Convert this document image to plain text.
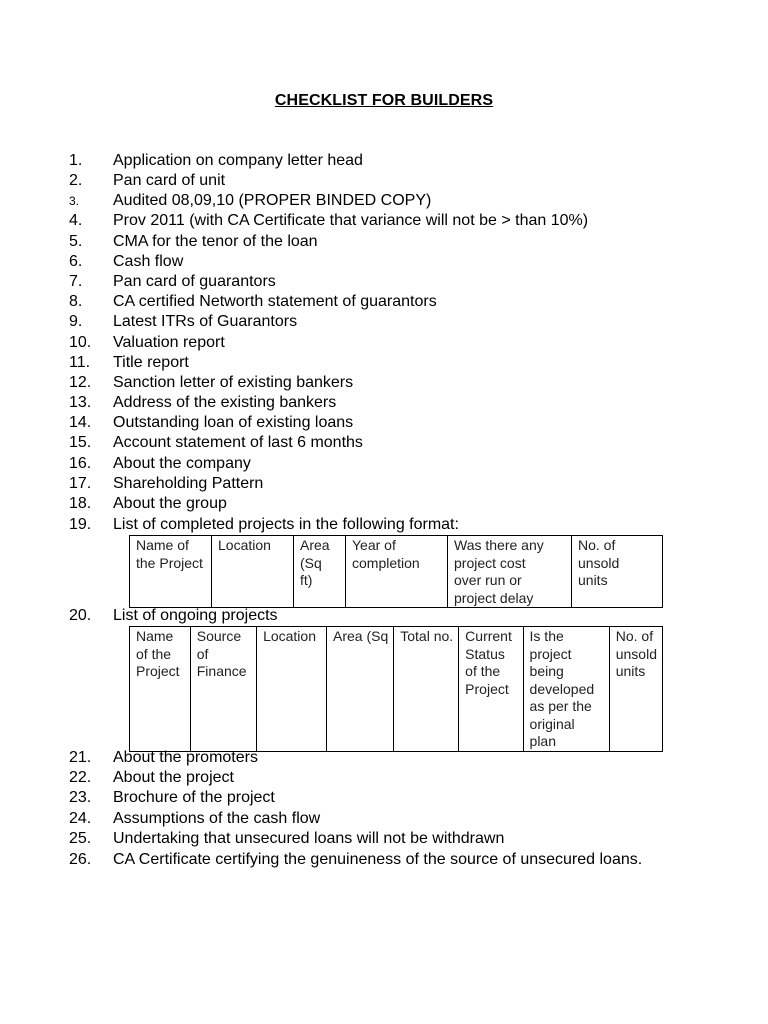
CHECKLIST FOR BUILDERS
1. Application on company letter head
2. Pan card of unit
3. Audited 08,09,10 (PROPER BINDED COPY)
4. Prov 2011 (with CA Certificate that variance will not be > than 10%)
5. CMA for the tenor of the loan
6. Cash flow
7. Pan card of guarantors
8. CA certified Networth statement of guarantors
9. Latest ITRs of Guarantors
10. Valuation report
11. Title report
12. Sanction letter of existing bankers
13. Address of the existing bankers
14. Outstanding loan of existing loans
15. Account statement of last 6 months
16. About the company
17. Shareholding Pattern
18. About the group
19. List of completed projects in the following format:
Name of
the Project	Location	Area
(Sq
ft)	Year of
completion	Was there any
project cost
over run or
project delay	No. of
unsold
units
20. List of ongoing projects
Name
of the
Project	Source
of
Finance	Location	Area (Sq	Total no.	Current
Status
of the
Project	Is the
project
being
developed
as per the
original
plan	No. of
unsold
units
21. About the promoters
22. About the project
23. Brochure of the project
24. Assumptions of the cash flow
25. Undertaking that unsecured loans will not be withdrawn
26. CA Certificate certifying the genuineness of the source of unsecured loans.
